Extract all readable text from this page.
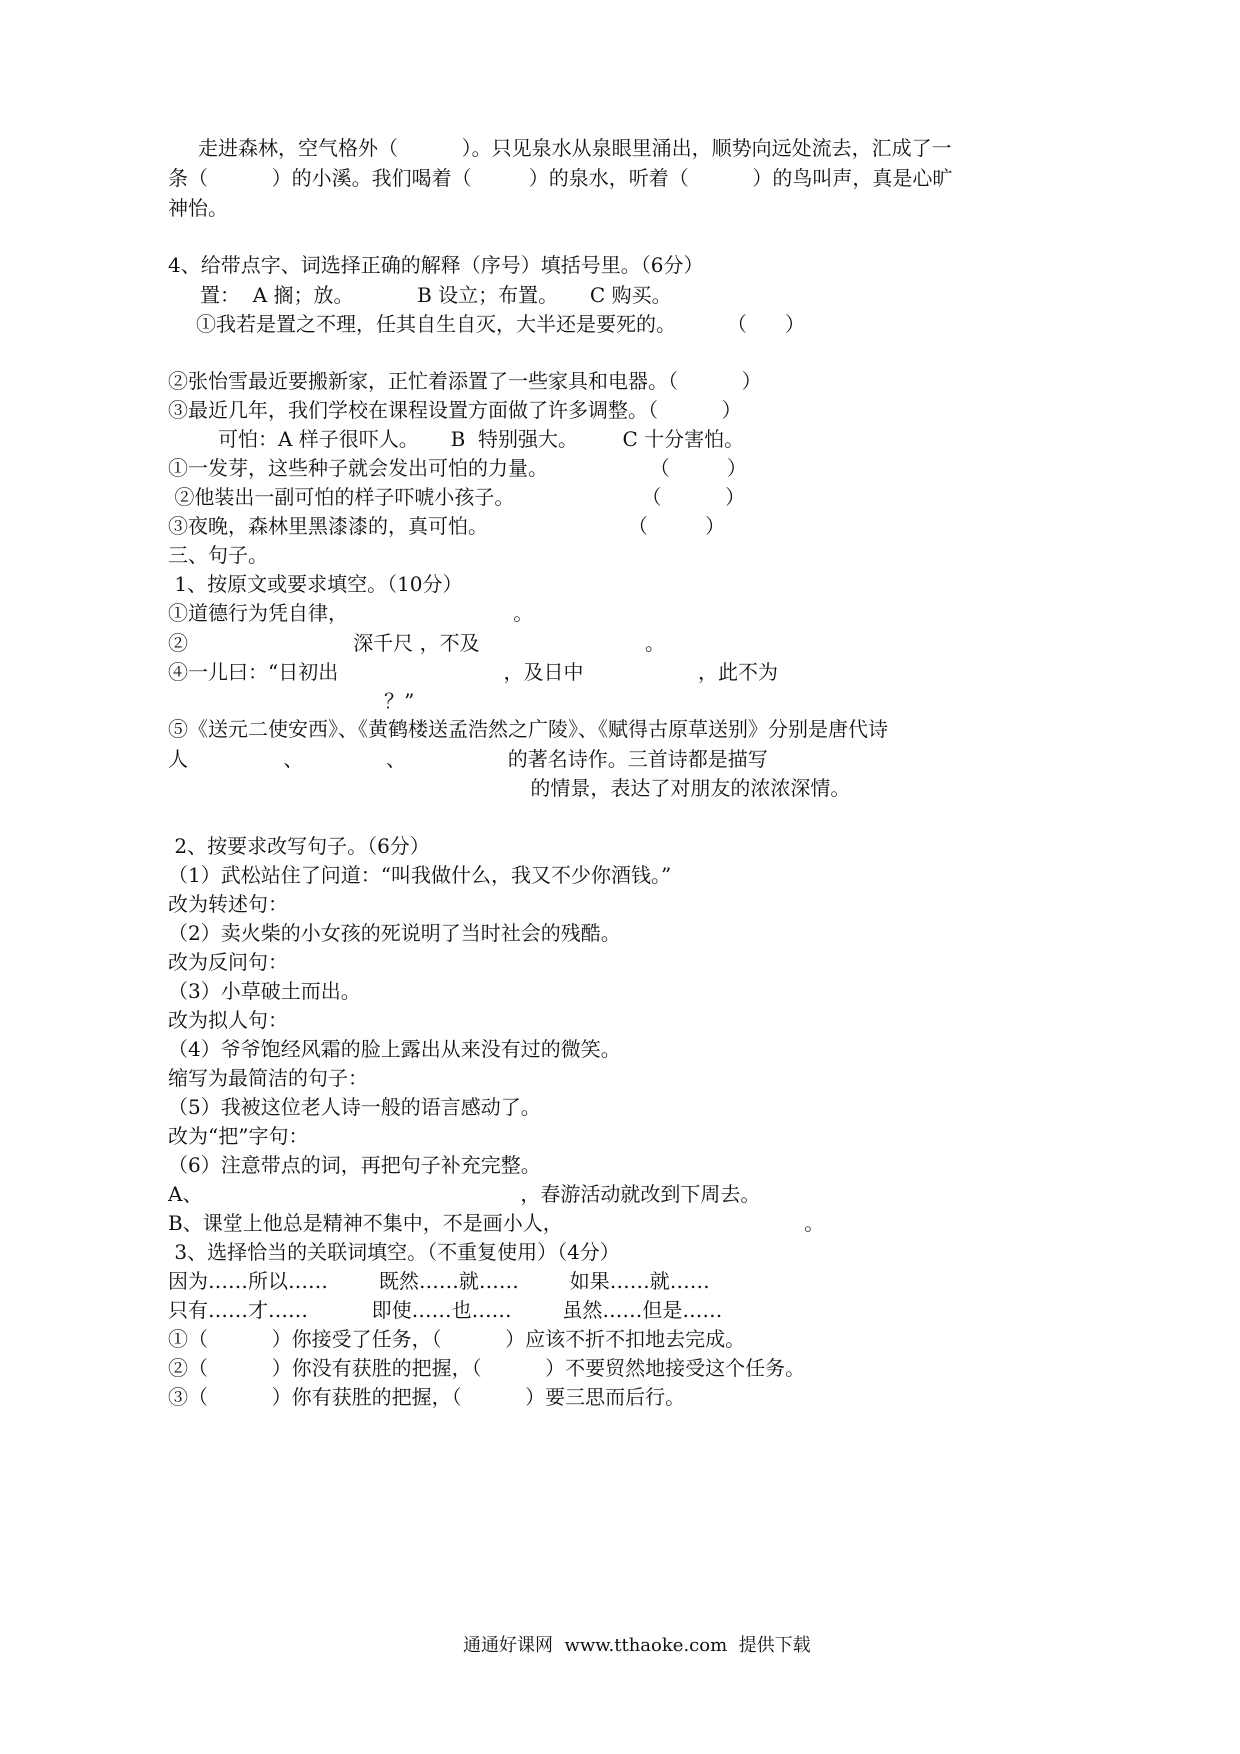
走进森林，空气格外（          ）。只见泉水从泉眼里涌出，顺势向远处流去，汇成了一
条（          ）的小溪。我们喝着（         ）的泉水，听着（          ）的鸟叫声，真是心旷
神怡。
4、给带点字、词选择正确的解释（序号）填括号里。（6分）
置：  A 搁；放。          B 设立；布置。     C 购买。
①我若是置之不理，任其自生自灭，大半还是要死的。        （      ）
②张怡雪最近要搬新家，正忙着添置了一些家具和电器。（          ）
③最近几年，我们学校在课程设置方面做了许多调整。（          ）
可怕：A 样子很吓人。     B  特别强大。       C 十分害怕。
①一发芽，这些种子就会发出可怕的力量。                （         ）
②他装出一副可怕的样子吓唬小孩子。                    （          ）
③夜晚，森林里黑漆漆的，真可怕。                      （         ）
三、句子。
1、按原文或要求填空。（10分）
①道德行为凭自律，                          。
②                          深千尺 ，不及                          。
④一儿曰：“日初出                          ，及日中                  ，此不为
？”
⑤《送元二使安西》、《黄鹤楼送孟浩然之广陵》、《赋得古原草送别》分别是唐代诗
人               、             、                的著名诗作。三首诗都是描写
的情景，表达了对朋友的浓浓深情。
2、按要求改写句子。（6分）
（1）武松站住了问道：“叫我做什么，我又不少你酒钱。”
改为转述句：
（2）卖火柴的小女孩的死说明了当时社会的残酷。
改为反问句：
（3）小草破土而出。
改为拟人句：
（4）爷爷饱经风霜的脸上露出从来没有过的微笑。
缩写为最简洁的句子：
（5）我被这位老人诗一般的语言感动了。
改为“把”字句：
（6）注意带点的词，再把句子补充完整。
A、                                                  ，春游活动就改到下周去。
B、课堂上他总是精神不集中，不是画小人，                                      。
3、选择恰当的关联词填空。（不重复使用）（4分）
因为……所以……        既然……就……        如果……就……
只有……才……          即使……也……        虽然……但是……
①（          ）你接受了任务，（          ）应该不折不扣地去完成。
②（          ）你没有获胜的把握，（          ）不要贸然地接受这个任务。
③（          ）你有获胜的把握，（          ）要三思而后行。
通通好课网  www.tthaoke.com  提供下载
